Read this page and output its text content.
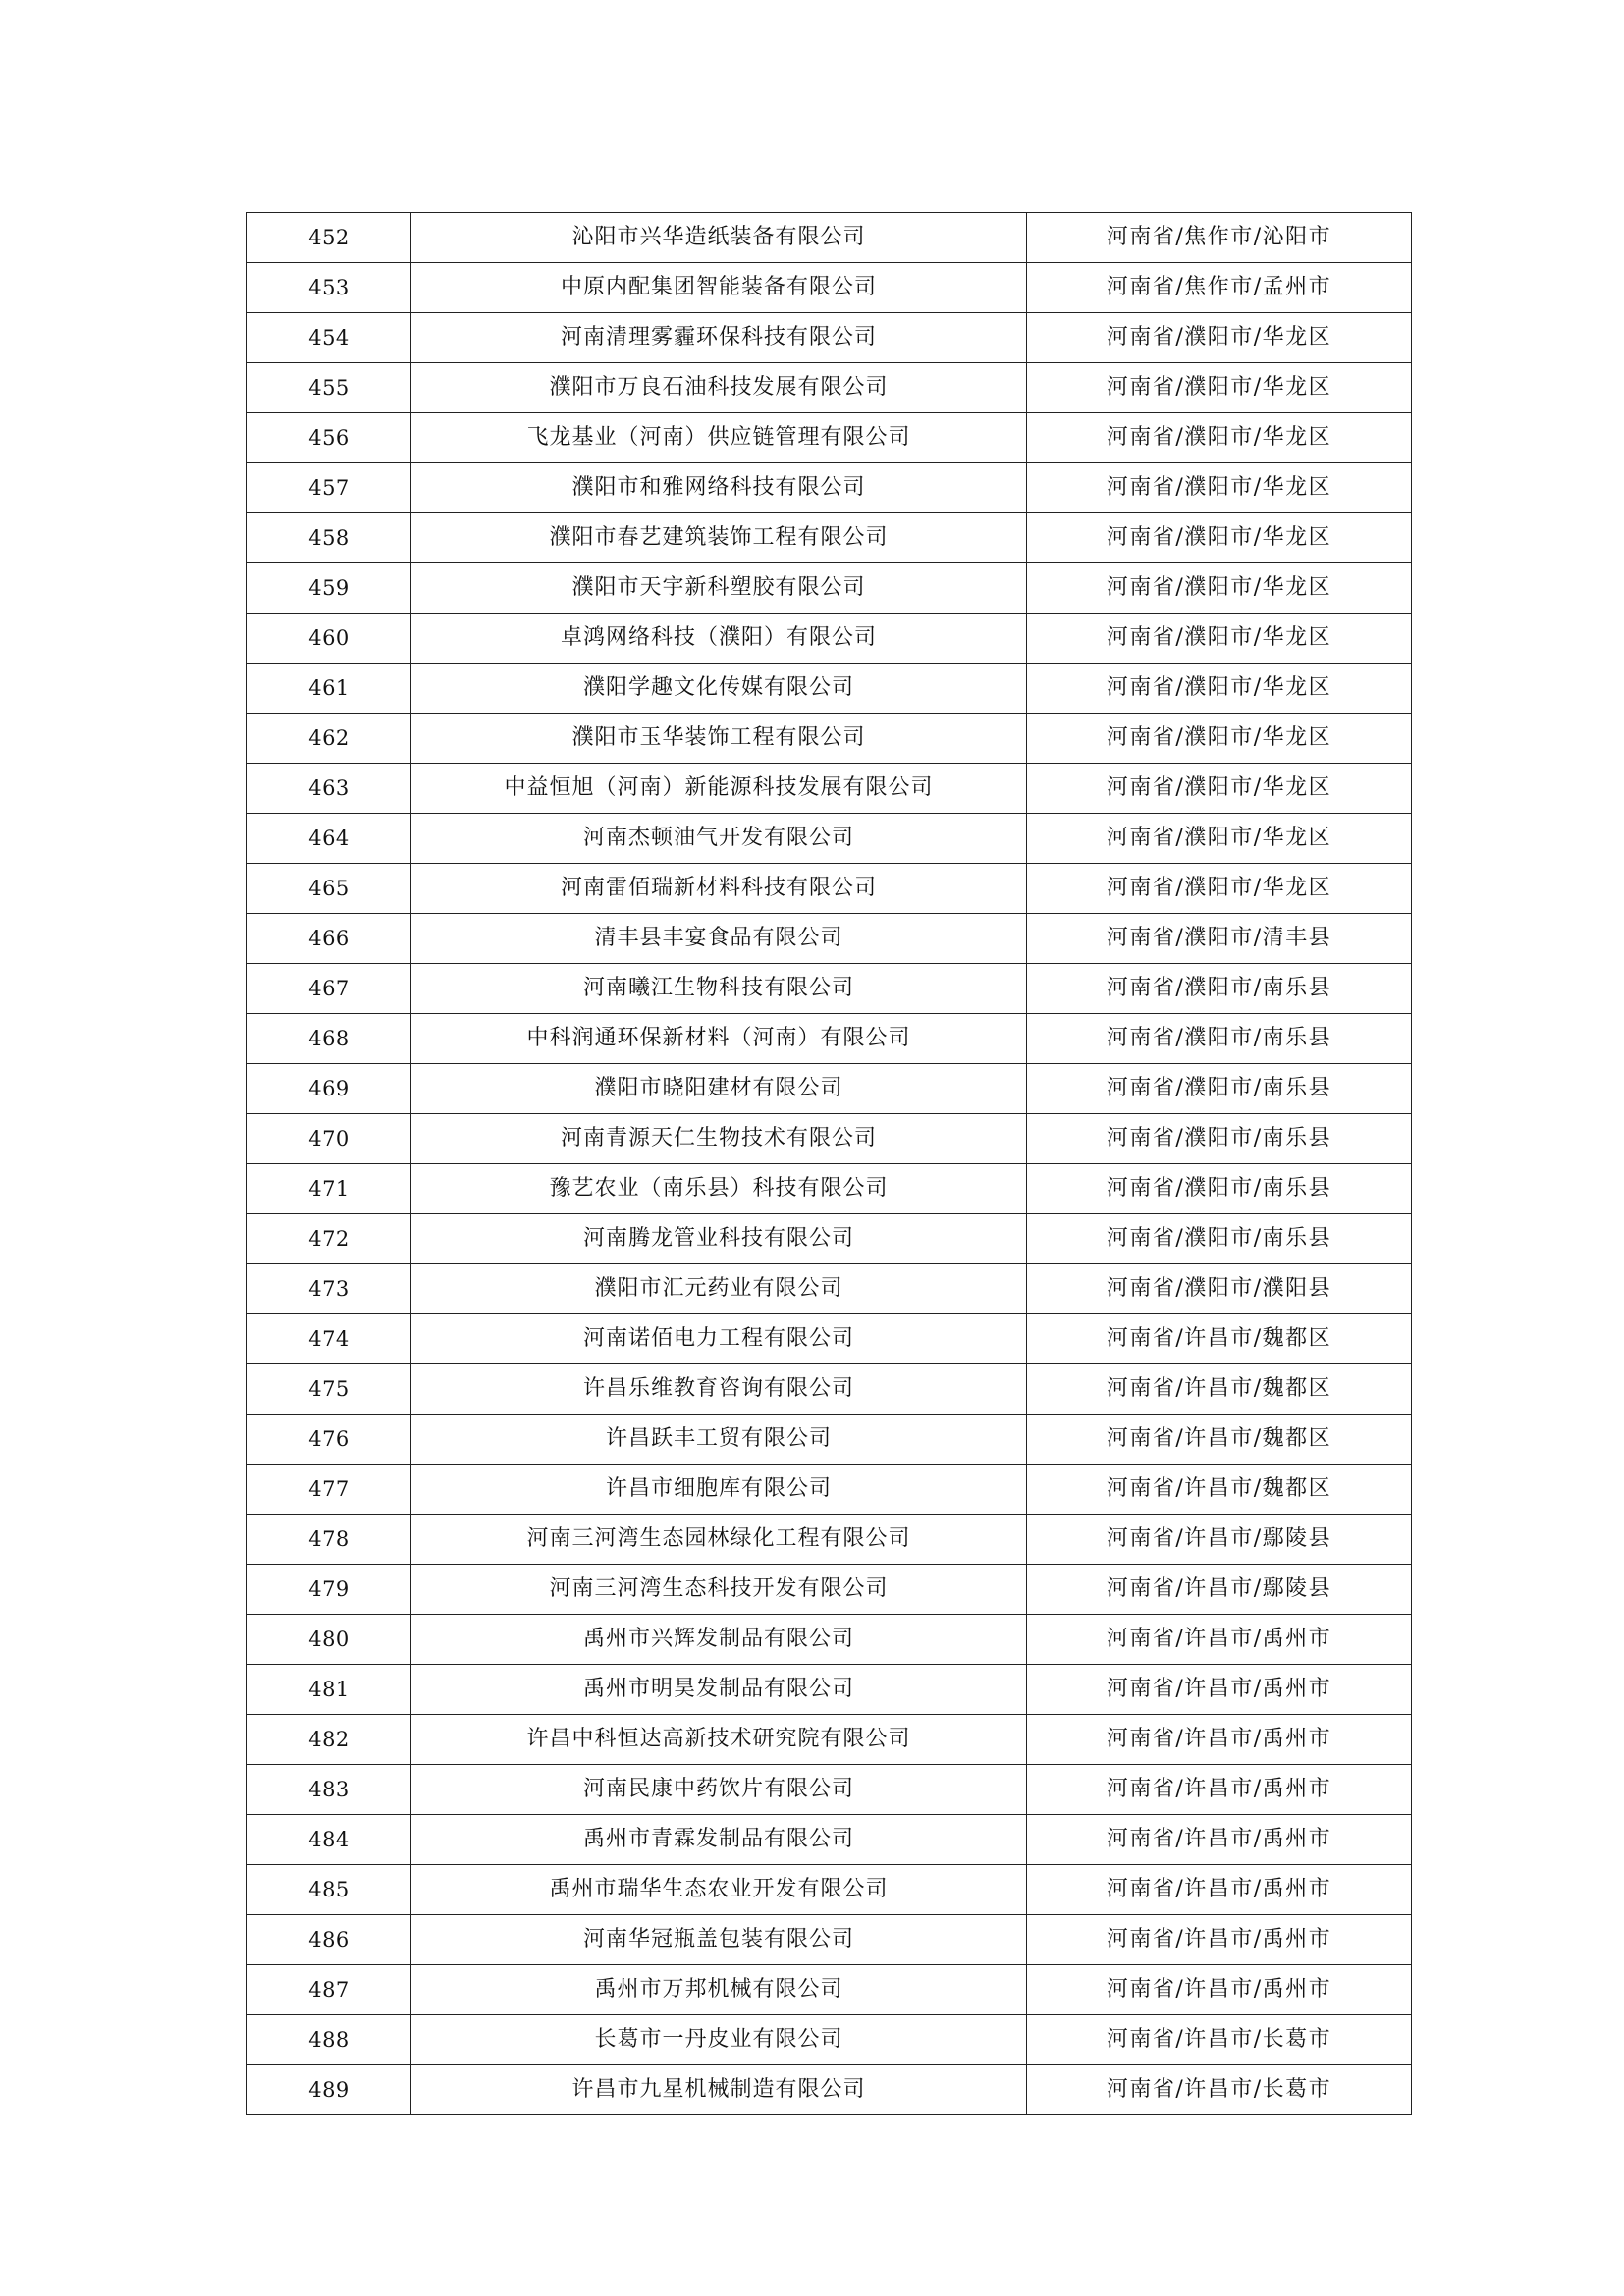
452	沁阳市兴华造纸装备有限公司	河南省/焦作市/沁阳市
453	中原内配集团智能装备有限公司	河南省/焦作市/孟州市
454	河南清理雾霾环保科技有限公司	河南省/濮阳市/华龙区
455	濮阳市万良石油科技发展有限公司	河南省/濮阳市/华龙区
456	飞龙基业（河南）供应链管理有限公司	河南省/濮阳市/华龙区
457	濮阳市和雅网络科技有限公司	河南省/濮阳市/华龙区
458	濮阳市春艺建筑装饰工程有限公司	河南省/濮阳市/华龙区
459	濮阳市天宇新科塑胶有限公司	河南省/濮阳市/华龙区
460	卓鸿网络科技（濮阳）有限公司	河南省/濮阳市/华龙区
461	濮阳学趣文化传媒有限公司	河南省/濮阳市/华龙区
462	濮阳市玉华装饰工程有限公司	河南省/濮阳市/华龙区
463	中益恒旭（河南）新能源科技发展有限公司	河南省/濮阳市/华龙区
464	河南杰顿油气开发有限公司	河南省/濮阳市/华龙区
465	河南雷佰瑞新材料科技有限公司	河南省/濮阳市/华龙区
466	清丰县丰宴食品有限公司	河南省/濮阳市/清丰县
467	河南曦江生物科技有限公司	河南省/濮阳市/南乐县
468	中科润通环保新材料（河南）有限公司	河南省/濮阳市/南乐县
469	濮阳市晓阳建材有限公司	河南省/濮阳市/南乐县
470	河南青源天仁生物技术有限公司	河南省/濮阳市/南乐县
471	豫艺农业（南乐县）科技有限公司	河南省/濮阳市/南乐县
472	河南腾龙管业科技有限公司	河南省/濮阳市/南乐县
473	濮阳市汇元药业有限公司	河南省/濮阳市/濮阳县
474	河南诺佰电力工程有限公司	河南省/许昌市/魏都区
475	许昌乐维教育咨询有限公司	河南省/许昌市/魏都区
476	许昌跃丰工贸有限公司	河南省/许昌市/魏都区
477	许昌市细胞库有限公司	河南省/许昌市/魏都区
478	河南三河湾生态园林绿化工程有限公司	河南省/许昌市/鄢陵县
479	河南三河湾生态科技开发有限公司	河南省/许昌市/鄢陵县
480	禹州市兴辉发制品有限公司	河南省/许昌市/禹州市
481	禹州市明昊发制品有限公司	河南省/许昌市/禹州市
482	许昌中科恒达高新技术研究院有限公司	河南省/许昌市/禹州市
483	河南民康中药饮片有限公司	河南省/许昌市/禹州市
484	禹州市青霖发制品有限公司	河南省/许昌市/禹州市
485	禹州市瑞华生态农业开发有限公司	河南省/许昌市/禹州市
486	河南华冠瓶盖包装有限公司	河南省/许昌市/禹州市
487	禹州市万邦机械有限公司	河南省/许昌市/禹州市
488	长葛市一丹皮业有限公司	河南省/许昌市/长葛市
489	许昌市九星机械制造有限公司	河南省/许昌市/长葛市
